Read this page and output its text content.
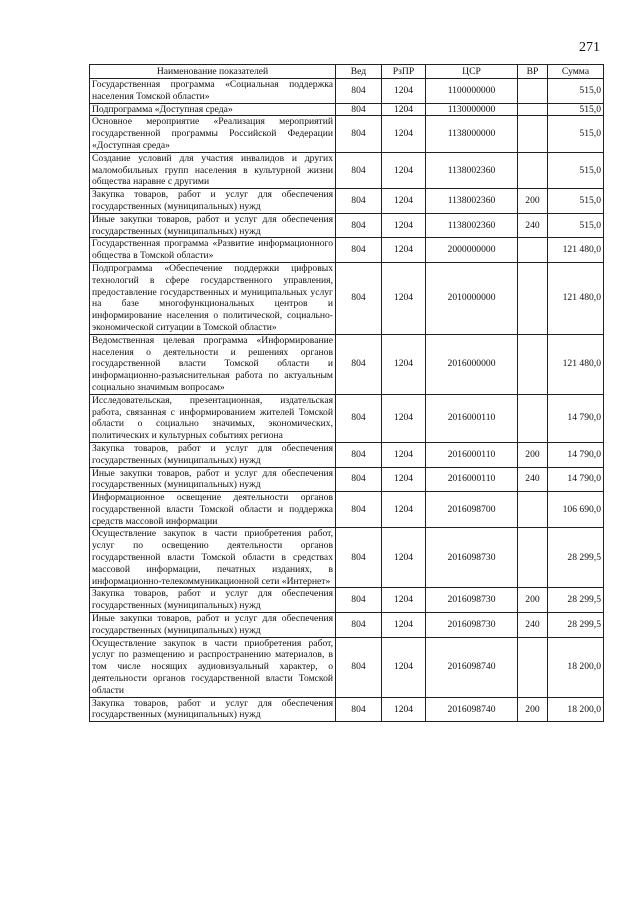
271
Наименование показателей	Вед	РзПР	ЦСР	ВР	Сумма
Государственная программа «Социальная поддержка населения Томской области»	804	1204	1100000000		515,0
Подпрограмма «Доступная среда»	804	1204	1130000000		515,0
Основное мероприятие «Реализация мероприятий государственной программы Российской Федерации «Доступная среда»	804	1204	1138000000		515,0
Создание условий для участия инвалидов и других маломобильных групп населения в культурной жизни общества наравне с другими	804	1204	1138002360		515,0
Закупка товаров, работ и услуг для обеспечения государственных (муниципальных) нужд	804	1204	1138002360	200	515,0
Иные закупки товаров, работ и услуг для обеспечения государственных (муниципальных) нужд	804	1204	1138002360	240	515,0
Государственная программа «Развитие информационного общества в Томской области»	804	1204	2000000000		121 480,0
Подпрограмма «Обеспечение поддержки цифровых технологий в сфере государственного управления, предоставление государственных и муниципальных услуг на базе многофункциональных центров и информирование населения о политической, социально-экономической ситуации в Томской области»	804	1204	2010000000		121 480,0
Ведомственная целевая программа «Информирование населения о деятельности и решениях органов государственной власти Томской области и информационно-разъяснительная работа по актуальным социально значимым вопросам»	804	1204	2016000000		121 480,0
Исследовательская, презентационная, издательская работа, связанная с информированием жителей Томской области о социально значимых, экономических, политических и культурных событиях региона	804	1204	2016000110		14 790,0
Закупка товаров, работ и услуг для обеспечения государственных (муниципальных) нужд	804	1204	2016000110	200	14 790,0
Иные закупки товаров, работ и услуг для обеспечения государственных (муниципальных) нужд	804	1204	2016000110	240	14 790,0
Информационное освещение деятельности органов государственной власти Томской области и поддержка средств массовой информации	804	1204	2016098700		106 690,0
Осуществление закупок в части приобретения работ, услуг по освещению деятельности органов государственной власти Томской области в средствах массовой информации, печатных изданиях, в информационно-телекоммуникационной сети «Интернет»	804	1204	2016098730		28 299,5
Закупка товаров, работ и услуг для обеспечения государственных (муниципальных) нужд	804	1204	2016098730	200	28 299,5
Иные закупки товаров, работ и услуг для обеспечения государственных (муниципальных) нужд	804	1204	2016098730	240	28 299,5
Осуществление закупок в части приобретения работ, услуг по размещению и распространению материалов, в том числе носящих аудиовизуальный характер, о деятельности органов государственной власти Томской области	804	1204	2016098740		18 200,0
Закупка товаров, работ и услуг для обеспечения государственных (муниципальных) нужд	804	1204	2016098740	200	18 200,0
